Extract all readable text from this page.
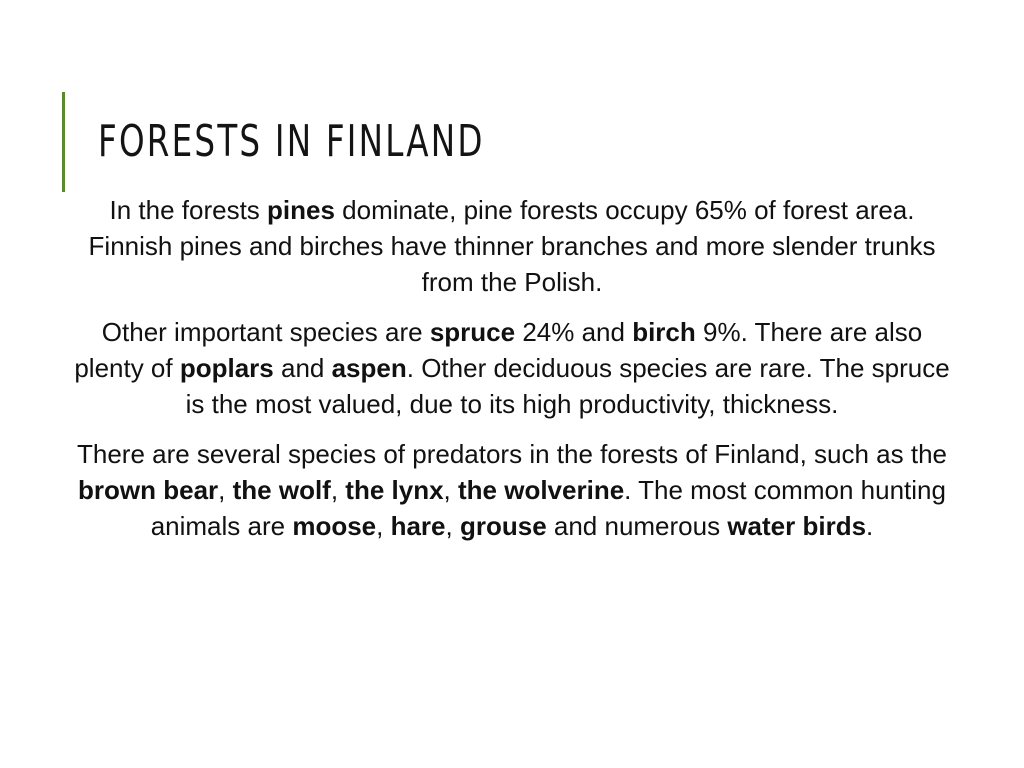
FORESTS IN FINLAND

In the forests pines dominate, pine forests occupy 65% of forest area. Finnish pines and birches have thinner branches and more slender trunks from the Polish.

Other important species are spruce 24% and birch 9%. There are also plenty of poplars and aspen. Other deciduous species are rare. The spruce is the most valued, due to its high productivity, thickness.

There are several species of predators in the forests of Finland, such as the brown bear, the wolf, the lynx, the wolverine. The most common hunting animals are moose, hare, grouse and numerous water birds.
